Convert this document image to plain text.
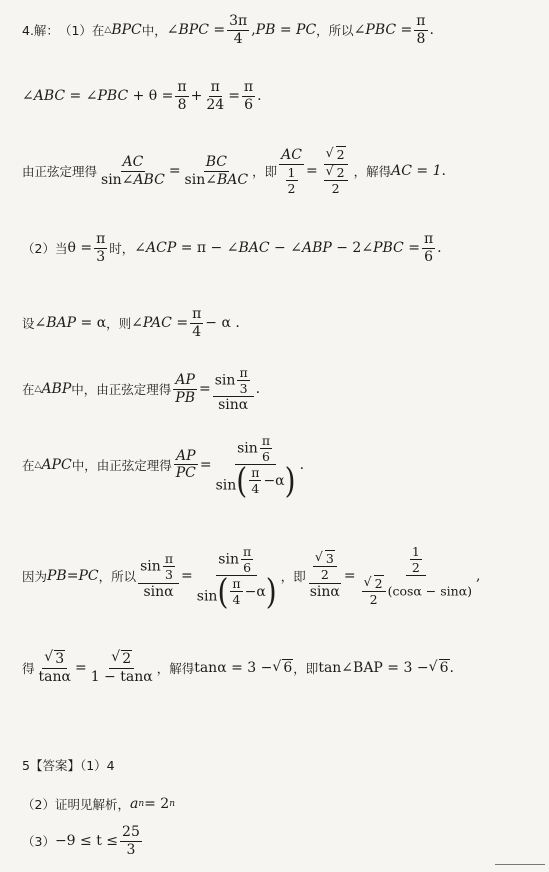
4.解： （1） 在 △ BPC 中， ∠BPC = $\frac{3\pi}{4} ,PB$ = PC ，所以 ∠PBC = $\frac{\pi}{8}$ .
∠ABC = ∠PBC + $\theta = \frac{\pi}{8} + \frac{\pi}{24} = \frac{\pi}{6}$ .
由正弦定理得 $\frac{AC}{\text{sin∠ABC}} = \frac{BC}{\text{sin∠BAC}}$ ，即 $\frac{AC}{\frac{1}{2}}$ = √ 2
√ $\frac{2}{2}$ ，解得 AC = 1 .
（2）当 $\theta = \frac{\pi}{3}$ 时， ∠ACP = π − ∠BAC − ∠ABP − 2∠PBC = $\frac{\pi}{6}$ .
设 ∠BAP = α ，则 ∠PAC = $\frac{\pi}{4} - \alpha$ .
在 △ ABP 中， 由正弦定理得 $\frac{AP}{PB} = \frac{\sin \frac{\pi}{3}}{\sin\alpha}$ .
在 △ APC 中， 由正弦定理得 $\frac{AP}{PC} = \frac{\sin \frac{\pi}{6}}{\sin ( \frac{\pi}{4} -\alpha )}$ .
因为 PB = PC ，所以 $\frac{\sin \frac{\pi}{3}}{\sin\alpha} = \frac{\sin \frac{\pi}{6}}{\sin ( \frac{\pi}{4} -\alpha )}$ ，即 √ $\frac{\frac{3}{2}}{\sin\alpha} = \frac{1}{2}$
√ $\frac{2}{2} (\cos\alpha - \sin\alpha)$ ,
得 √ $\frac{3}{\tan\alpha}$ = √ $\frac{2}{1 - \tan\alpha}$ ，解得 tanα = 3 − √ 6 ，即 tan∠BAP = 3 − √ 6 .
5【答案】（1）4
（2）证明见解析， a n = 2 n
$(3) -9 \le t \le \frac{25}{3}$
